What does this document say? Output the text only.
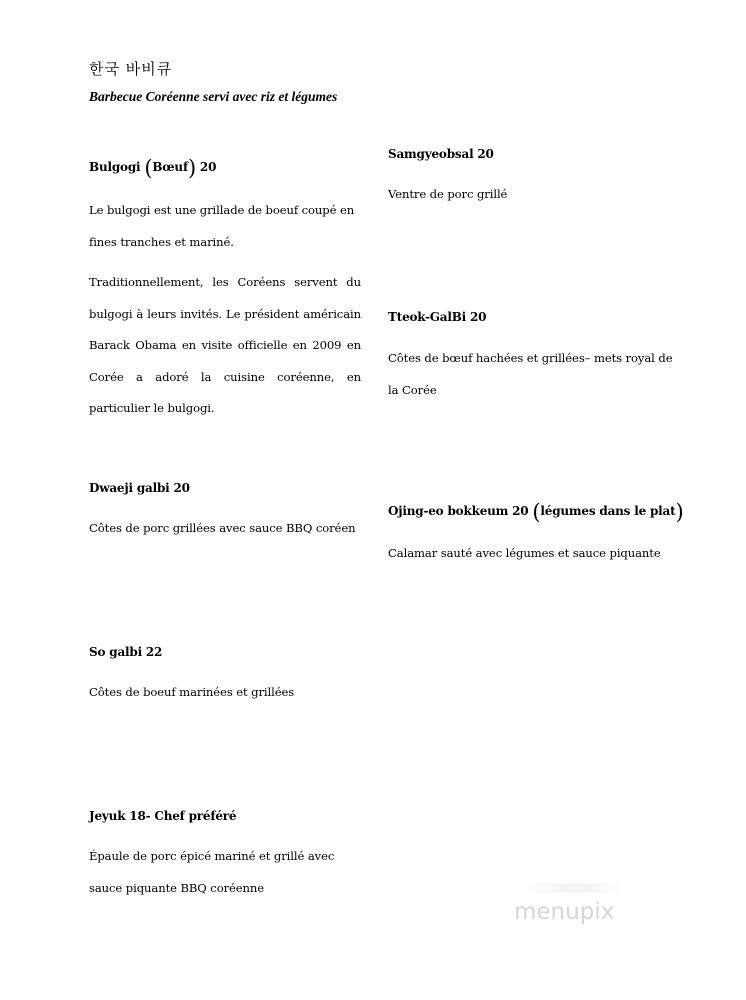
한국 바비큐
Barbecue Coréenne servi avec riz et légumes
Bulgogi (Bœuf) 20

Le bulgogi est une grillade de boeuf coupé en fines tranches et mariné.

Traditionnellement, les Coréens servent du bulgogi à leurs invités. Le président américain Barack Obama en visite officielle en 2009 en Corée a adoré la cuisine coréenne, en particulier le bulgogi.

Dwaeji galbi 20

Côtes de porc grillées avec sauce BBQ coréen

So galbi 22

Côtes de boeuf marinées et grillées

Jeyuk 18- Chef préféré

Épaule de porc épicé mariné et grillé avec sauce piquante BBQ coréenne

Samgyeobsal 20

Ventre de porc grillé

Tteok-GalBi 20

Côtes de bœuf hachées et grillées– mets royal de la Corée

Ojing-eo bokkeum 20 (légumes dans le plat)

Calamar sauté avec légumes et sauce piquante

menupix
